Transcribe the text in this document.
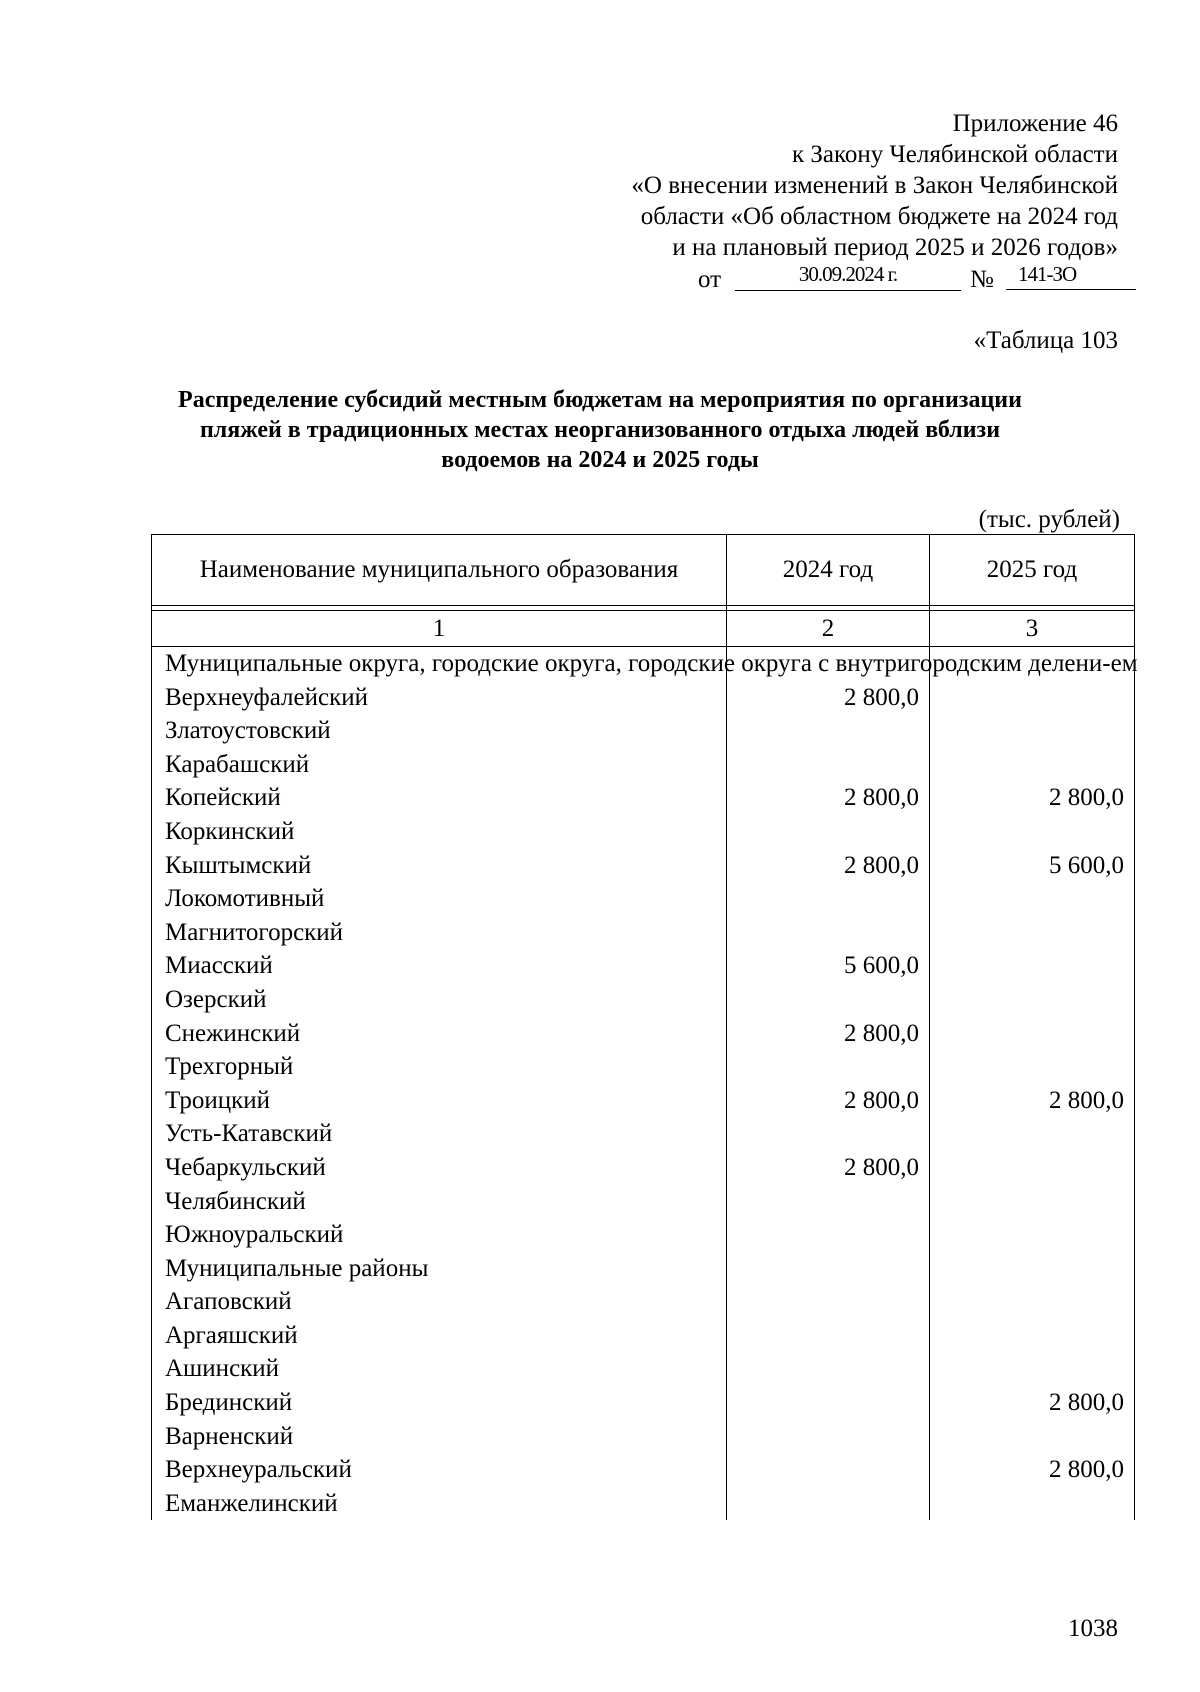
Приложение 46
к Закону Челябинской области
«О внесении изменений в Закон Челябинской
области «Об областном бюджете на 2024 год
и на плановый период 2025 и 2026 годов»
от	30.09.2024 г.	№	141-ЗО
«Таблица 103
Распределение субсидий местным бюджетам на мероприятия по организации пляжей в традиционных местах неорганизованного отдыха людей вблизи водоемов на 2024 и 2025 годы
(тыс. рублей)
Наименование муниципального образования	2024 год	2025 год

1	2	3
Муниципальные округа, городские округа, городские округа с внутригородским делени-ем		
Верхнеуфалейский	2 800,0	
Златоустовский		
Карабашский		
Копейский	2 800,0	2 800,0
Коркинский		
Кыштымский	2 800,0	5 600,0
Локомотивный		
Магнитогорский		
Миасский	5 600,0	
Озерский		
Снежинский	2 800,0	
Трехгорный		
Троицкий	2 800,0	2 800,0
Усть-Катавский		
Чебаркульский	2 800,0	
Челябинский		
Южноуральский		
Муниципальные районы		
Агаповский		
Аргаяшский		
Ашинский		
Брединский		2 800,0
Варненский		
Верхнеуральский		2 800,0
Еманжелинский		
1038
